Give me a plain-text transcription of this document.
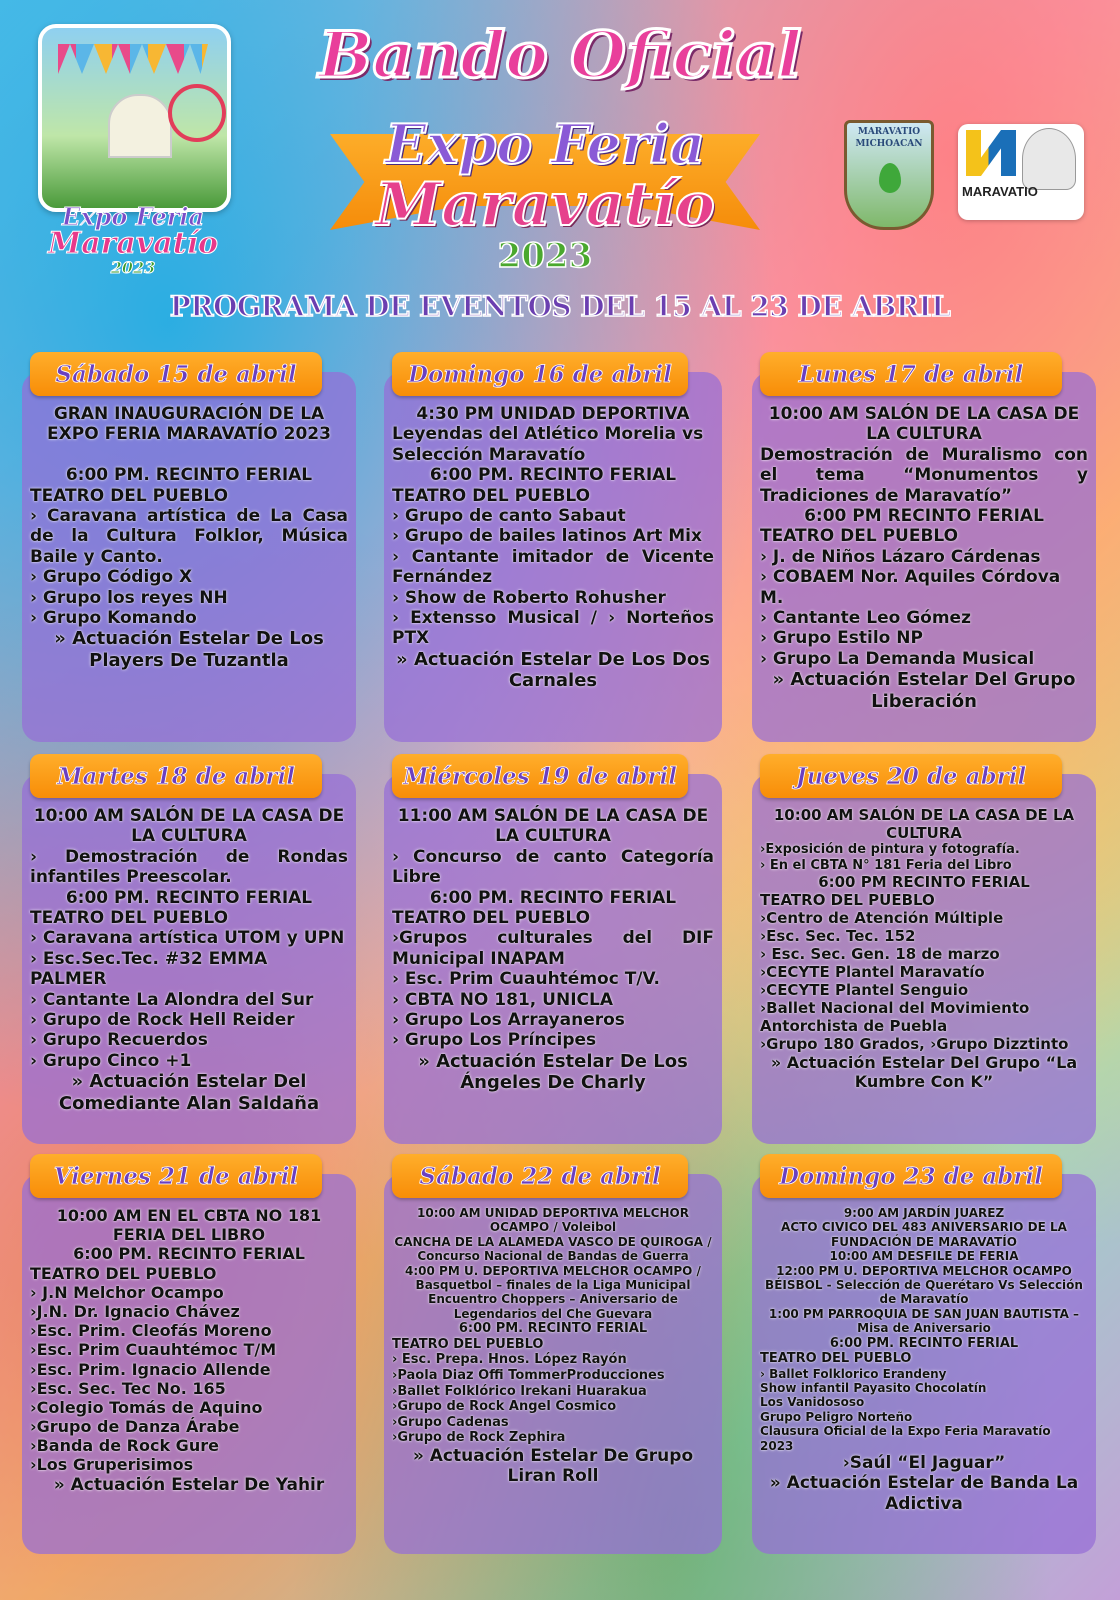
Expo Feria
Maravatío
2023
Bando Oficial
Expo Feria
Maravatío
2023
MARAVATIO
MICHOACAN
MARAVATIO
PROGRAMA DE EVENTOS DEL 15 AL 23 DE ABRIL
Sábado 15 de abril
GRAN INAUGURACIÓN DE LA EXPO FERIA MARAVATÍO 2023

6:00 PM. RECINTO FERIAL
TEATRO DEL PUEBLO
› Caravana artística de La Casa de la Cultura Folklor, Música Baile y Canto.
› Grupo Código X
› Grupo los reyes NH
› Grupo Komando
» Actuación Estelar De Los Players De Tuzantla
Domingo 16 de abril
4:30 PM UNIDAD DEPORTIVA
Leyendas del Atlético Morelia vs Selección Maravatío
6:00 PM. RECINTO FERIAL
TEATRO DEL PUEBLO
› Grupo de canto Sabaut
› Grupo de bailes latinos Art Mix
› Cantante imitador de Vicente Fernández
› Show de Roberto Rohusher
› Extensso Musical / › Norteños PTX
» Actuación Estelar De Los Dos Carnales
Lunes 17 de abril
10:00 AM SALÓN DE LA CASA DE LA CULTURA
Demostración de Muralismo con el tema “Monumentos y Tradiciones de Maravatío”
6:00 PM RECINTO FERIAL
TEATRO DEL PUEBLO
› J. de Niños Lázaro Cárdenas
› COBAEM Nor. Aquiles Córdova M.
› Cantante Leo Gómez
› Grupo Estilo NP
› Grupo La Demanda Musical
» Actuación Estelar Del Grupo Liberación
Martes 18 de abril
10:00 AM SALÓN DE LA CASA DE LA CULTURA
› Demostración de Rondas infantiles Preescolar.
6:00 PM. RECINTO FERIAL
TEATRO DEL PUEBLO
› Caravana artística UTOM y UPN
› Esc.Sec.Tec. #32 EMMA PALMER
› Cantante La Alondra del Sur
› Grupo de Rock Hell Reider
› Grupo Recuerdos
› Grupo Cinco +1
» Actuación Estelar Del Comediante Alan Saldaña
Miércoles 19 de abril
11:00 AM SALÓN DE LA CASA DE LA CULTURA
› Concurso de canto Categoría Libre
6:00 PM. RECINTO FERIAL
TEATRO DEL PUEBLO
›Grupos culturales del DIF Municipal INAPAM
› Esc. Prim Cuauhtémoc T/V.
› CBTA NO 181, UNICLA
› Grupo Los Arrayaneros
› Grupo Los Príncipes
» Actuación Estelar De Los Ángeles De Charly
Jueves 20 de abril
10:00 AM SALÓN DE LA CASA DE LA CULTURA
›Exposición de pintura y fotografía.
› En el CBTA N° 181 Feria del Libro
6:00 PM RECINTO FERIAL
TEATRO DEL PUEBLO
›Centro de Atención Múltiple
›Esc. Sec. Tec. 152
› Esc. Sec. Gen. 18 de marzo
›CECYTE Plantel Maravatío
›CECYTE Plantel Senguio
›Ballet Nacional del Movimiento Antorchista de Puebla
›Grupo 180 Grados, ›Grupo Dizztinto
» Actuación Estelar Del Grupo “La Kumbre Con K”
Viernes 21 de abril
10:00 AM EN EL CBTA NO 181 FERIA DEL LIBRO
6:00 PM. RECINTO FERIAL
TEATRO DEL PUEBLO
› J.N Melchor Ocampo
›J.N. Dr. Ignacio Chávez
›Esc. Prim. Cleofás Moreno
›Esc. Prim Cuauhtémoc T/M
›Esc. Prim. Ignacio Allende
›Esc. Sec. Tec No. 165
›Colegio Tomás de Aquino
›Grupo de Danza Árabe
›Banda de Rock Gure
›Los Gruperisimos
» Actuación Estelar De Yahir
Sábado 22 de abril
10:00 AM UNIDAD DEPORTIVA MELCHOR OCAMPO / Voleibol
CANCHA DE LA ALAMEDA VASCO DE QUIROGA / Concurso Nacional de Bandas de Guerra
4:00 PM U. DEPORTIVA MELCHOR OCAMPO / Basquetbol – finales de la Liga Municipal
Encuentro Choppers – Aniversario de Legendarios del Che Guevara
6:00 PM. RECINTO FERIAL
TEATRO DEL PUEBLO
› Esc. Prepa. Hnos. López Rayón
›Paola Diaz Offi TommerProducciones
›Ballet Folklórico Irekani Huarakua
›Grupo de Rock Angel Cosmico
›Grupo Cadenas
›Grupo de Rock Zephira
» Actuación Estelar De Grupo Liran Roll
Domingo 23 de abril
9:00 AM JARDÍN JUAREZ
ACTO CIVICO DEL 483 ANIVERSARIO DE LA FUNDACIÓN DE MARAVATÍO
10:00 AM DESFILE DE FERIA
12:00 PM U. DEPORTIVA MELCHOR OCAMPO
BÉISBOL - Selección de Querétaro Vs Selección de Maravatío
1:00 PM PARROQUIA DE SAN JUAN BAUTISTA – Misa de Aniversario
6:00 PM. RECINTO FERIAL
TEATRO DEL PUEBLO
› Ballet Folklorico Erandeny
Show infantil Payasito Chocolatín
Los Vanidososo
Grupo Peligro Norteño
Clausura Oficial de la Expo Feria Maravatío 2023
›Saúl “El Jaguar”
» Actuación Estelar de Banda La Adictiva
